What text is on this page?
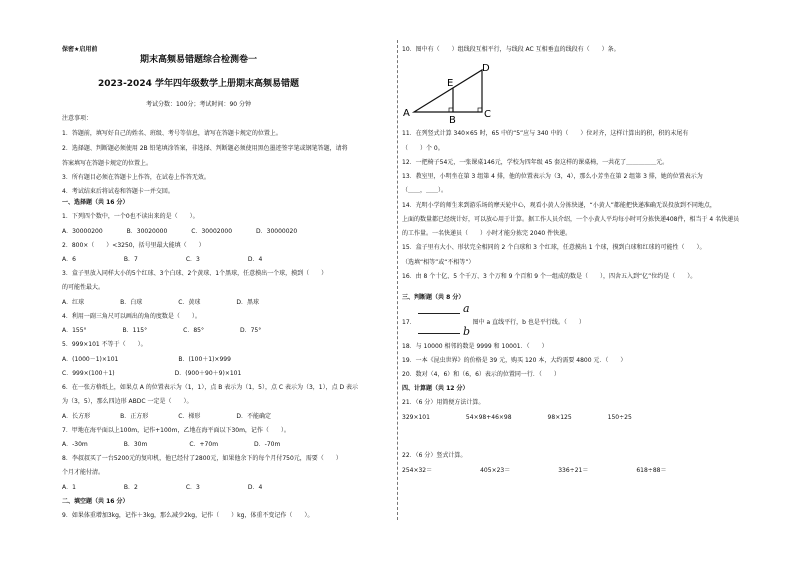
保密★启用前
期末高频易错题综合检测卷一
2023-2024 学年四年级数学上册期末高频易错题
考试分数：100分；考试时间：90 分钟
注意事项：
1．答题前，填写好自己的姓名、班级、考号等信息，请写在答题卡规定的位置上。
2．选择题、判断题必须使用 2B 铅笔填涂答案，非选择、判断题必须使用黑色墨迹签字笔或钢笔答题，请将
答案填写在答题卡规定的位置上。
3．所有题目必须在答题卡上作答，在试卷上作答无效。
4．考试结束后将试卷和答题卡一并交回。
一、选择题（共 16 分）
1．下列四个数中，一个0也不读出来的是（　　）。
A．30000200　　　　B．30020000　　　　C．30002000　　　　D．30000020
2．800×（　　）<3250，括号里最大能填（　　）
A．6　　　　　　　　B．7　　　　　　　　C．3　　　　　　　　D．4
3．盒子里放入同样大小的5个红球、3个白球、2个黄球、1个黑球，任意摸出一个球，摸到（　　）
的可能性最大。
A．红球　　　　　　B．白球　　　　　　C．黄球　　　　　　D．黑球
4．利用一副三角尺可以画出的角的度数是（　　）。
A．155°　　　　　　B．115°　　　　　　C．85°　　　　　　D．75°
5．999×101 不等于（　　）。
A．(1000－1)×101　　　　　　　　　　B．(100＋1)×999
C．999×(100＋1)　　　　　　　　　　D．(900＋90＋9)×101
6．在一张方格纸上，如果点 A 的位置表示为（1，1），点 B 表示为（1，5），点 C 表示为（3，1），点 D 表示
为（3，5），那么四边形 ABDC 一定是（　　）。
A．长方形　　　　　B．正方形　　　　　C．梯形　　　　　　D．不能确定
7．甲地在海平面以上100m，记作+100m，乙地在海平面以下30m，记作（　　）。
A．-30m　　　　　　B．30m　　　　　　　C．+70m　　　　　　D．-70m
8．李叔叔买了一台5200元的复印机，他已经付了2800元，如果他余下的每个月付750元，需要（　　）
个月才能付清。
A．1　　　　　　　　B．2　　　　　　　　C．3　　　　　　　　D．4
二、填空题（共 16 分）
9．如果体重增加3kg，记作＋3kg，那么减少2kg，记作（　　）kg，体重不变记作（　　）。
10．图中有（　　）组线段互相平行，与线段 AC 互相垂直的线段有（　　）条。
A
B
C
D
E
11．在列竖式计算 340×65 时，65 中的“5”应与 340 中的（　　）位对齐，这样计算出的积，积的末尾有
（　　）个 0。
12．一把椅子54元，一张课桌146元，学校为四年级 45 套这样的课桌椅，一共花了＿＿＿＿＿元。
13．教室里，小明坐在第 3 组第 4 排，他的位置表示为（3，4），那么小芳坐在第 2 组第 3 排，她的位置表示为
（＿＿，＿＿）。
14．光明小学的师生来到游乐场的摩天轮中心，观看小黄人分拣快递，“小黄人”都能把快递准确无误投放到不同地点，
上面的数量都已经统计好，可以放心用于计算。据工作人员介绍，一个小黄人平均每小时可分拣快递408件，相当于 4 名快递员
的工作量。一名快递员（　　）小时才能分拣完 2040 件快递。
15．盒子里有大小、形状完全相同的 2 个白球和 3 个红球，任意摸出 1 个球，摸到白球和红球的可能性（　　）。
（选填“相等”或“不相等”）
16．由 8 个十亿、5 个千万、3 个万和 9 个百和 9 个一组成的数是（　　），四舍五入到“亿”位约是（　　）。
三、判断题（共 8 分）
a
b
17．　　　　　　　　　　图中 a 直线平行，b 也是平行线。（　　）
18．与 10000 相邻的数是 9999 和 10001．（　　）
19．一本《昆虫世界》的价格是 39 元，购买 120 本，大约需要 4800 元．（　　）
20．数对（4，6）和（6，6）表示的位置同一行．（　　）
四、计算题（共 12 分）
21．（6 分）用简便方法计算。
329×101　　　　　　54×98+46×98　　　　　　98×125　　　　　　150÷25
22．（6 分）竖式计算。
254×32＝　　　　　　　　405×23＝　　　　　　　　336÷21＝　　　　　　　　618÷88＝
